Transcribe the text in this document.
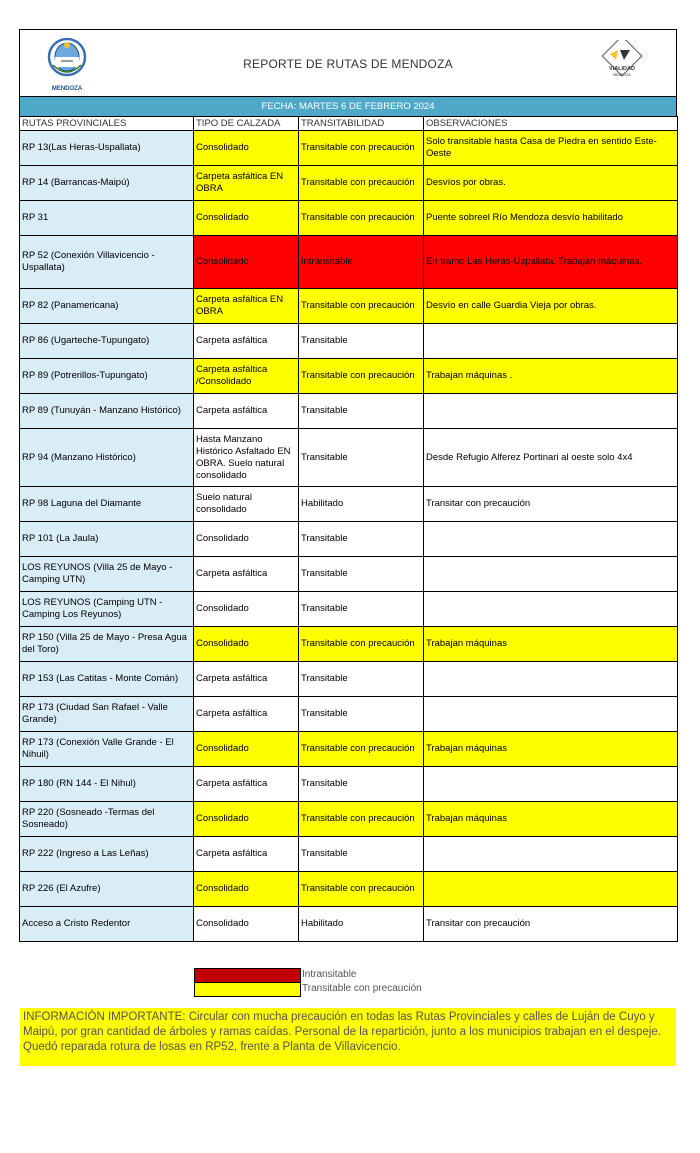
MENDOZA
REPORTE DE RUTAS DE MENDOZA	VIALIDAD
MENDOZA
FECHA: MARTES 6 DE FEBRERO 2024
RUTAS PROVINCIALES	TIPO DE CALZADA	TRANSITABILIDAD	OBSERVACIONES
RP 13(Las Heras-Uspallata)	Consolidado	Transitable con precaución	Solo transitable hasta Casa de Piedra en sentido Este-Oeste
RP 14 (Barrancas-Maipú)	Carpeta asfáltica EN OBRA	Transitable con precaución	Desvíos por obras.
RP 31	Consolidado	Transitable con precaución	Puente sobreel Río Mendoza desvío habilitado
RP 52 (Conexión Villavicencio - Uspallata)	Consolidado	Intransitable	En tramo Las Heras-Uspallata. Trabajan máquinas.
RP 82 (Panamericana)	Carpeta asfáltica EN OBRA	Transitable con precaución	Desvío en calle Guardia Vieja por obras.
RP 86 (Ugarteche-Tupungato)	Carpeta asfáltica	Transitable	
RP 89 (Potrerillos-Tupungato)	Carpeta asfáltica /Consolidado	Transitable con precaución	Trabajan máquinas .
RP 89 (Tunuyán - Manzano Histórico)	Carpeta asfáltica	Transitable	
RP 94 (Manzano Histórico)	Hasta Manzano Histórico Asfaltado EN OBRA. Suelo natural consolidado	Transitable	Desde Refugio Alferez Portinari al oeste solo 4x4
RP 98 Laguna del Diamante	Suelo natural consolidado	Habilitado	Transitar con precaución
RP 101 (La Jaula)	Consolidado	Transitable	
LOS REYUNOS (Villa 25 de Mayo - Camping UTN)	Carpeta asfáltica	Transitable	
LOS REYUNOS (Camping UTN - Camping Los Reyunos)	Consolidado	Transitable	
RP 150 (Villa 25 de Mayo - Presa Agua del Toro)	Consolidado	Transitable con precaución	Trabajan máquinas
RP 153 (Las Catitas - Monte Comán)	Carpeta asfáltica	Transitable	
RP 173 (Ciudad San Rafael - Valle Grande)	Carpeta asfáltica	Transitable	
RP 173 (Conexión Valle Grande - El Nihuil)	Consolidado	Transitable con precaución	Trabajan máquinas
RP 180 (RN 144 - El Nihul)	Carpeta asfáltica	Transitable	
RP 220 (Sosneado -Termas del Sosneado)	Consolidado	Transitable con precaución	Trabajan máquinas
RP 222 (Ingreso a Las Leñas)	Carpeta asfáltica	Transitable	
RP 226 (El Azufre)	Consolidado	Transitable con precaución	
Acceso a Cristo Redentor	Consolidado	Habilitado	Transitar con precaución
Intransitable
Transitable con precaución
INFORMACIÓN IMPORTANTE: Circular con mucha precaución en todas las Rutas Provinciales y calles de Luján de Cuyo y Maipú, por gran cantidad de árboles y ramas caídas. Personal de la repartición, junto a los municipios trabajan en el despeje. Quedó reparada rotura de losas en RP52, frente a Planta de Villavicencio.
